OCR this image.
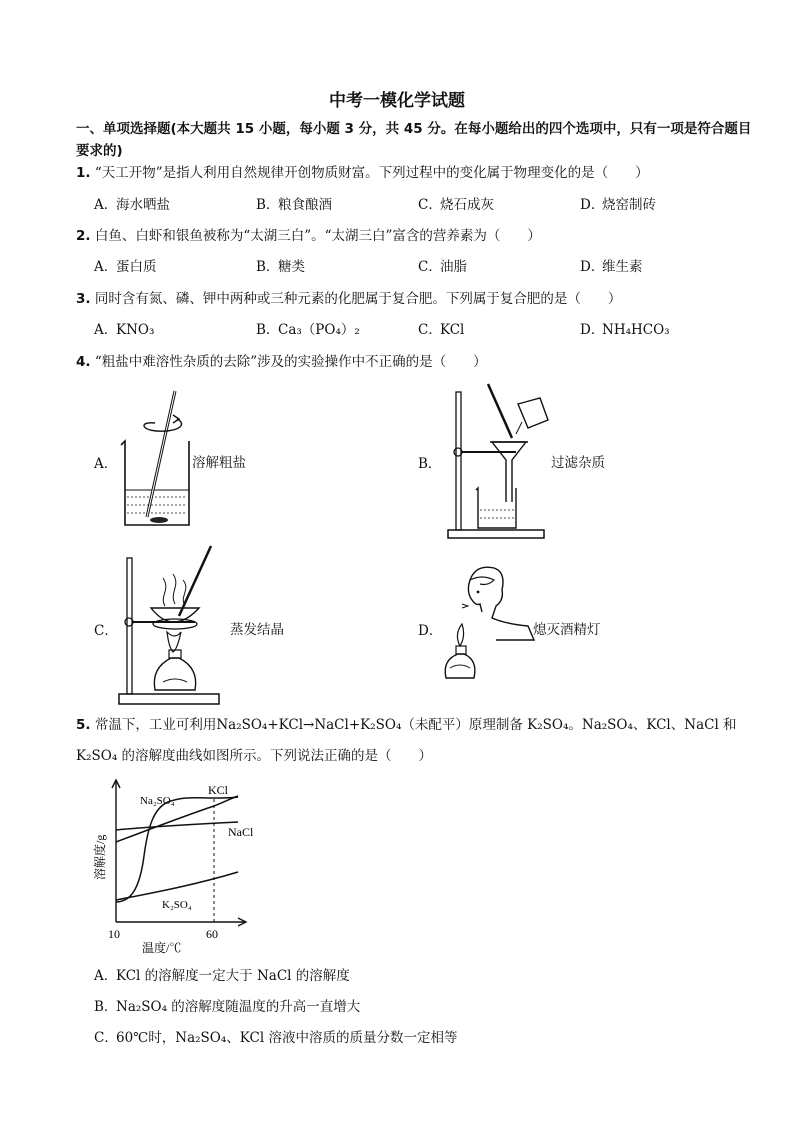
中考一模化学试题
一、单项选择题(本大题共 15 小题，每小题 3 分，共 45 分。在每小题给出的四个选项中，只有一项是符合题目要求的)
1. “天工开物”是指人利用自然规律开创物质财富。下列过程中的变化属于物理变化的是（　　）
A．海水晒盐	B．粮食酿酒	C．烧石成灰	D．烧窑制砖
2. 白鱼、白虾和银鱼被称为“太湖三白”。“太湖三白”富含的营养素为（　　）
A．蛋白质	B．糖类	C．油脂	D．维生素
3. 同时含有氮、磷、钾中两种或三种元素的化肥属于复合肥。下列属于复合肥的是（　　）
A．KNO₃	B．Ca₃（PO₄）₂	C．KCl	D．NH₄HCO₃
4. “粗盐中难溶性杂质的去除”涉及的实验操作中不正确的是（　　）
A．	溶解粗盐	B．	过滤杂质
C．	蒸发结晶	D．	熄灭酒精灯
5. 常温下，工业可利用Na₂SO₄+KCl→NaCl+K₂SO₄（未配平）原理制备 K₂SO₄。Na₂SO₄、KCl、NaCl 和
K₂SO₄ 的溶解度曲线如图所示。下列说法正确的是（　　）
Na₂SO₄
KCl
NaCl
K₂SO₄
溶解度/g
10	60
温度/℃
A．KCl 的溶解度一定大于 NaCl 的溶解度
B．Na₂SO₄ 的溶解度随温度的升高一直增大
C．60℃时，Na₂SO₄、KCl 溶液中溶质的质量分数一定相等
